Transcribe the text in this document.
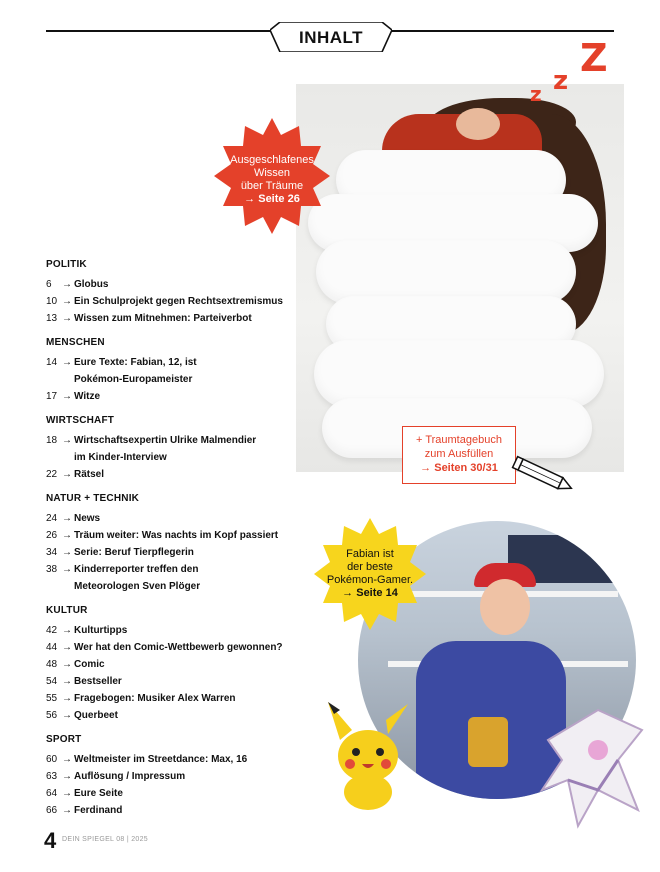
INHALT
z z
Z
Ausgeschlafenes
Wissen
über Träume
→ Seite 26
+ Traumtagebuch
zum Ausfüllen
→ Seiten 30/31
Fabian ist
der beste
Pokémon-Gamer.
→ Seite 14
POLITIK
6	→ Globus
10 → Ein Schulprojekt gegen Rechtsextremismus
13 → Wissen zum Mitnehmen: Parteiverbot
MENSCHEN
14 → Eure Texte: Fabian, 12, ist
Pokémon-Europameister
17 → Witze
WIRTSCHAFT
18 → Wirtschaftsexpertin Ulrike Malmendier
im Kinder-Interview
22 → Rätsel
NATUR + TECHNIK
24 → News
26 → Träum weiter: Was nachts im Kopf passiert
34 → Serie: Beruf Tierpflegerin
38 → Kinderreporter treffen den
Meteorologen Sven Plöger
KULTUR
42 → Kulturtipps
44 → Wer hat den Comic-Wettbewerb gewonnen?
48 → Comic
54 → Bestseller
55 → Fragebogen: Musiker Alex Warren
56 → Querbeet
SPORT
60 → Weltmeister im Streetdance: Max, 16
63 → Auflösung / Impressum
64 → Eure Seite
66 → Ferdinand
4 DEIN SPIEGEL 08 | 2025
